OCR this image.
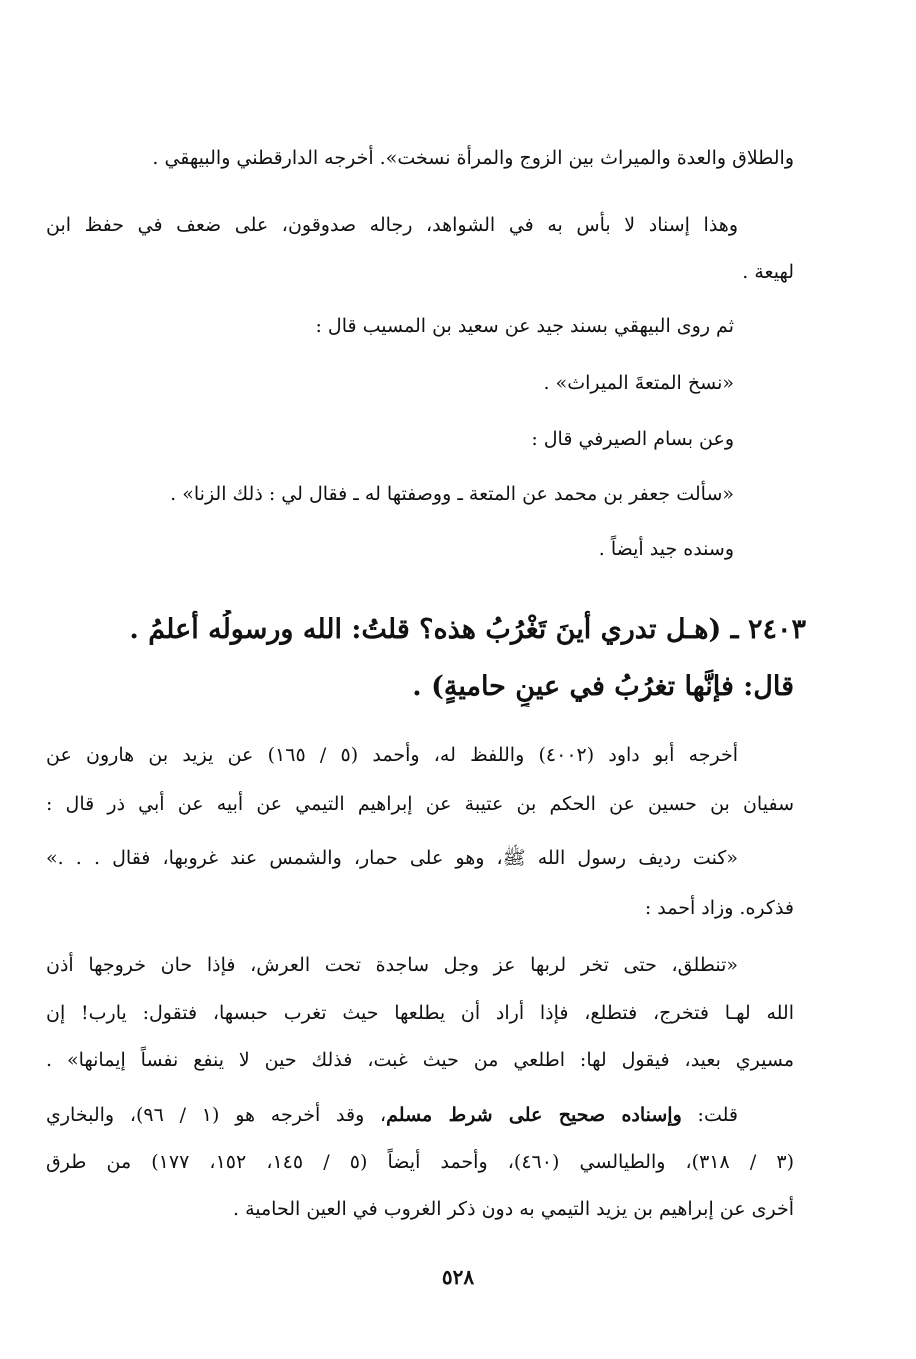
والطلاق والعدة والميراث بين الزوج والمرأة نسخت». أخرجه الدارقطني والبيهقي .
وهذا إسناد لا بأس به في الشواهد، رجاله صدوقون، على ضعف في حفظ ابن
لهيعة .
ثم روى البيهقي بسند جيد عن سعيد بن المسيب قال :
«نسخ المتعةَ الميراث» .
وعن بسام الصيرفي قال :
«سألت جعفر بن محمد عن المتعة ـ ووصفتها له ـ فقال لي : ذلك الزنا» .
وسنده جيد أيضاً .
٢٤٠٣ ـ (هـل تدري أينَ تَغْرُبُ هذه؟ قلتُ: الله ورسولُه أعلمُ .
قال: فإنَّها تغرُبُ في عينٍ حاميةٍ) .
أخرجه أبو داود (٤٠٠٢) واللفظ له، وأحمد (٥ / ١٦٥) عن يزيد بن هارون عن
سفيان بن حسين عن الحكم بن عتيبة عن إبراهيم التيمي عن أبيه عن أبي ذر قال :
«كنت رديف رسول الله ﷺ، وهو على حمار، والشمس عند غروبها، فقال . . .»
فذكره. وزاد أحمد :
«تنطلق، حتى تخر لربها عز وجل ساجدة تحت العرش، فإذا حان خروجها أذن
الله لهـا فتخرج، فتطلع، فإذا أراد أن يطلعها حيث تغرب حبسها، فتقول: يارب! إن
مسيري بعيد، فيقول لها: اطلعي من حيث غبت، فذلك حين لا ينفع نفساً إيمانها» .
قلت: وإسناده صحيح على شرط مسلم، وقد أخرجه هو (١ / ٩٦)، والبخاري
(٣ / ٣١٨)، والطيالسي (٤٦٠)، وأحمد أيضاً (٥ / ١٤٥، ١٥٢، ١٧٧) من طرق
أخرى عن إبراهيم بن يزيد التيمي به دون ذكر الغروب في العين الحامية .
٥٢٨
